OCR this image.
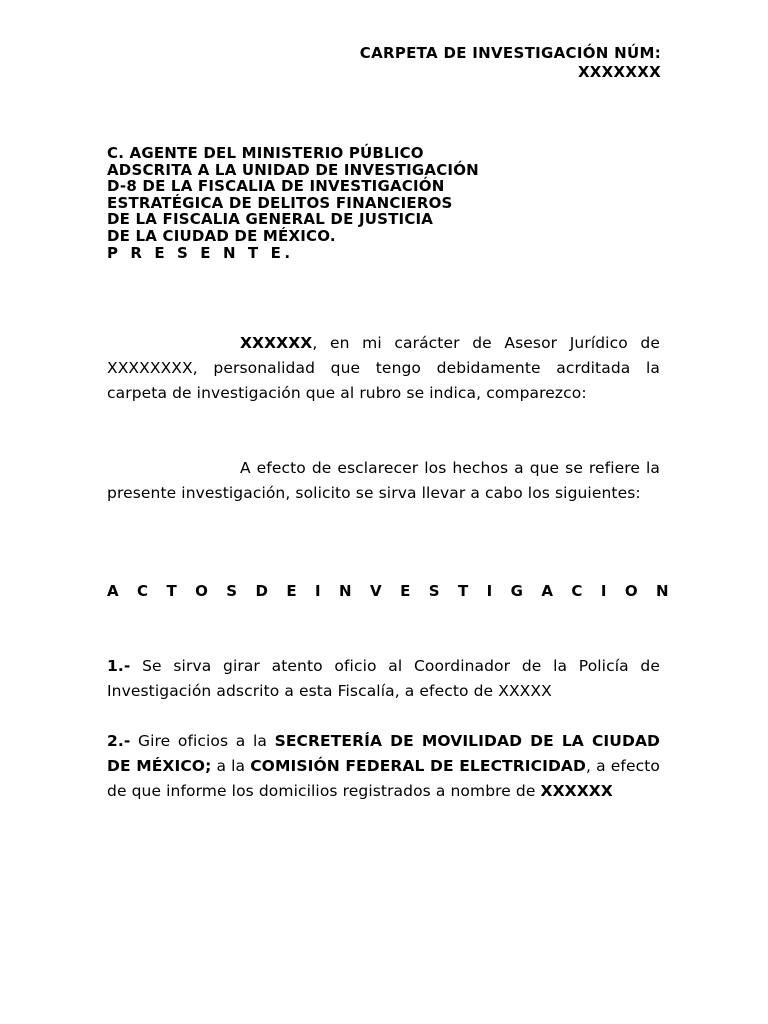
CARPETA DE INVESTIGACIÓN NÚM:
XXXXXXX
C. AGENTE DEL MINISTERIO PÚBLICO
ADSCRITA A LA UNIDAD DE INVESTIGACIÓN
D-8 DE LA FISCALIA DE INVESTIGACIÓN
ESTRATÉGICA DE DELITOS FINANCIEROS
DE LA FISCALIA GENERAL DE JUSTICIA
DE LA CIUDAD DE MÉXICO.
P R E S E N T E.

XXXXXX, en mi carácter de Asesor Jurídico de XXXXXXXX, personalidad que tengo debidamente acrditada la carpeta de investigación que al rubro se indica, comparezco:

A efecto de esclarecer los hechos a que se refiere la presente investigación, solicito se sirva llevar a cabo los siguientes:

A C T O S D E I N V E S T I G A C I O N

1.- Se sirva girar atento oficio al Coordinador de la Policía de Investigación adscrito a esta Fiscalía, a efecto de XXXXX

2.- Gire oficios a la SECRETERÍA DE MOVILIDAD DE LA CIUDAD DE MÉXICO; a la COMISIÓN FEDERAL DE ELECTRICIDAD, a efecto de que informe los domicilios registrados a nombre de XXXXXX
